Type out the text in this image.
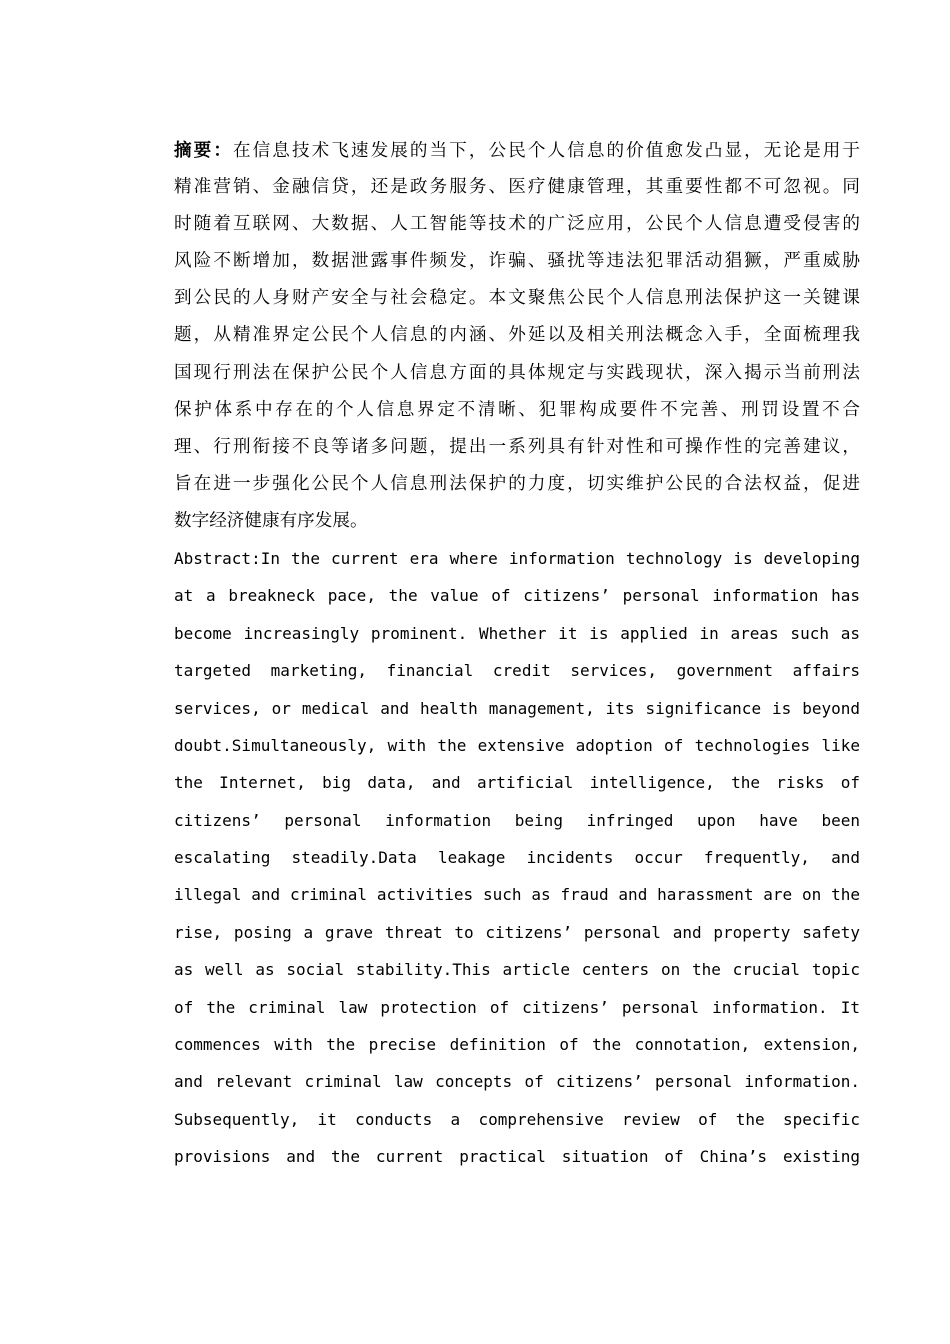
摘要：在信息技术飞速发展的当下，公民个人信息的价值愈发凸显，无论是用于
精准营销、金融信贷，还是政务服务、医疗健康管理，其重要性都不可忽视。同
时随着互联网、大数据、人工智能等技术的广泛应用，公民个人信息遭受侵害的
风险不断增加，数据泄露事件频发，诈骗、骚扰等违法犯罪活动猖獗，严重威胁
到公民的人身财产安全与社会稳定。本文聚焦公民个人信息刑法保护这一关键课
题，从精准界定公民个人信息的内涵、外延以及相关刑法概念入手，全面梳理我
国现行刑法在保护公民个人信息方面的具体规定与实践现状，深入揭示当前刑法
保护体系中存在的个人信息界定不清晰、犯罪构成要件不完善、刑罚设置不合
理、行刑衔接不良等诸多问题，提出一系列具有针对性和可操作性的完善建议，
旨在进一步强化公民个人信息刑法保护的力度，切实维护公民的合法权益，促进
数字经济健康有序发展。
Abstract:In the current era where information technology is developing
at a breakneck pace, the value of citizens’ personal information has
become increasingly prominent. Whether it is applied in areas such as
targeted marketing, financial credit services, government affairs
services, or medical and health management, its significance is beyond
doubt.Simultaneously, with the extensive adoption of technologies like
the Internet, big data, and artificial intelligence, the risks of
citizens’ personal information being infringed upon have been
escalating steadily.Data leakage incidents occur frequently, and
illegal and criminal activities such as fraud and harassment are on the
rise, posing a grave threat to citizens’ personal and property safety
as well as social stability.This article centers on the crucial topic
of the criminal law protection of citizens’ personal information. It
commences with the precise definition of the connotation, extension,
and relevant criminal law concepts of citizens’ personal information.
Subsequently, it conducts a comprehensive review of the specific
provisions and the current practical situation of China’s existing
